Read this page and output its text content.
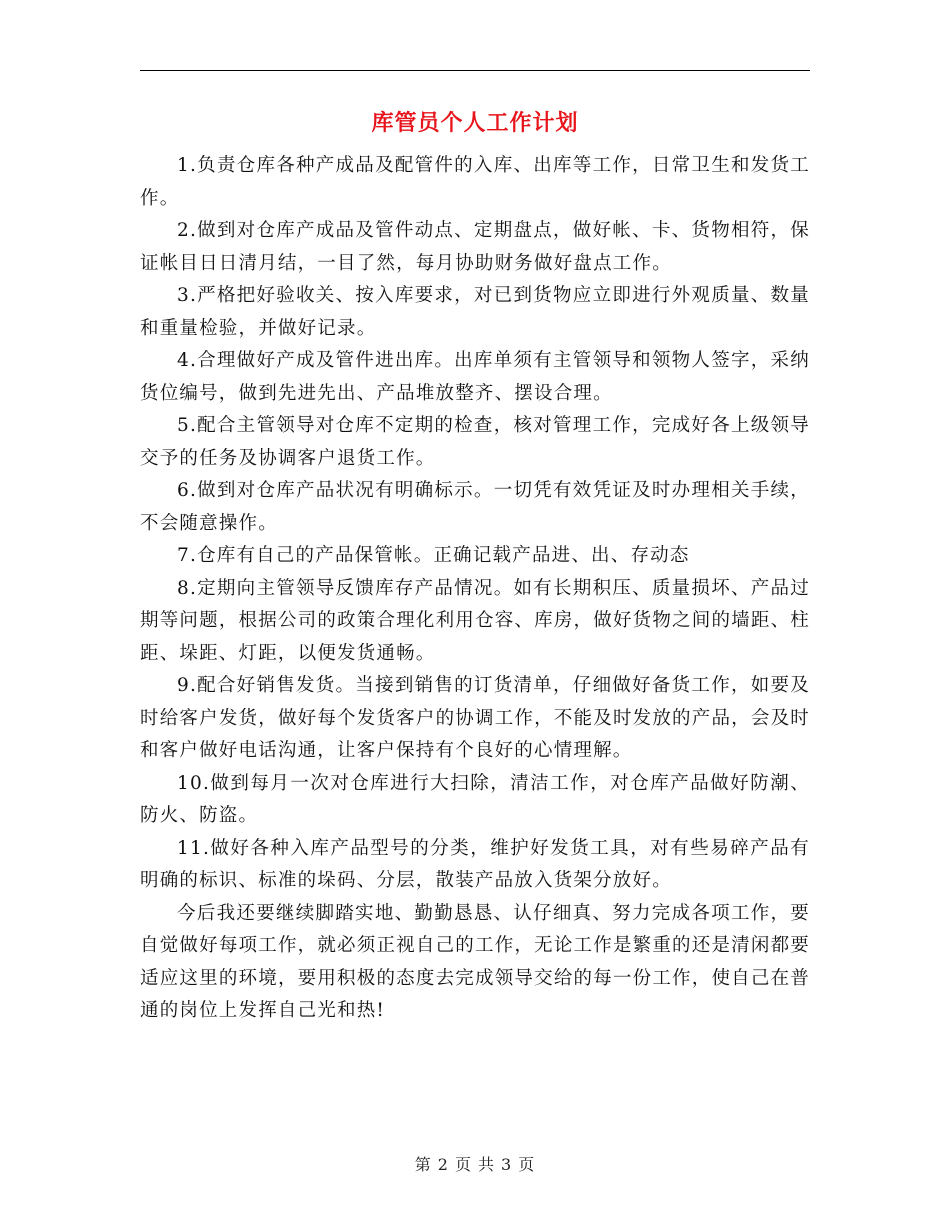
库管员个人工作计划

1.负责仓库各种产成品及配管件的入库、出库等工作，日常卫生和发货工作。

2.做到对仓库产成品及管件动点、定期盘点，做好帐、卡、货物相符，保证帐目日日清月结，一目了然，每月协助财务做好盘点工作。

3.严格把好验收关、按入库要求，对已到货物应立即进行外观质量、数量和重量检验，并做好记录。

4.合理做好产成及管件进出库。出库单须有主管领导和领物人签字，采纳货位编号，做到先进先出、产品堆放整齐、摆设合理。

5.配合主管领导对仓库不定期的检查，核对管理工作，完成好各上级领导交予的任务及协调客户退货工作。

6.做到对仓库产品状况有明确标示。一切凭有效凭证及时办理相关手续，不会随意操作。

7.仓库有自己的产品保管帐。正确记载产品进、出、存动态

8.定期向主管领导反馈库存产品情况。如有长期积压、质量损坏、产品过期等问题，根据公司的政策合理化利用仓容、库房，做好货物之间的墙距、柱距、垛距、灯距，以便发货通畅。

9.配合好销售发货。当接到销售的订货清单，仔细做好备货工作，如要及时给客户发货，做好每个发货客户的协调工作，不能及时发放的产品，会及时和客户做好电话沟通，让客户保持有个良好的心情理解。

10.做到每月一次对仓库进行大扫除，清洁工作，对仓库产品做好防潮、防火、防盗。

11.做好各种入库产品型号的分类，维护好发货工具，对有些易碎产品有明确的标识、标准的垛码、分层，散装产品放入货架分放好。

今后我还要继续脚踏实地、勤勤恳恳、认仔细真、努力完成各项工作，要自觉做好每项工作，就必须正视自己的工作，无论工作是繁重的还是清闲都要适应这里的环境，要用积极的态度去完成领导交给的每一份工作，使自己在普通的岗位上发挥自己光和热!

第 2 页 共 3 页
